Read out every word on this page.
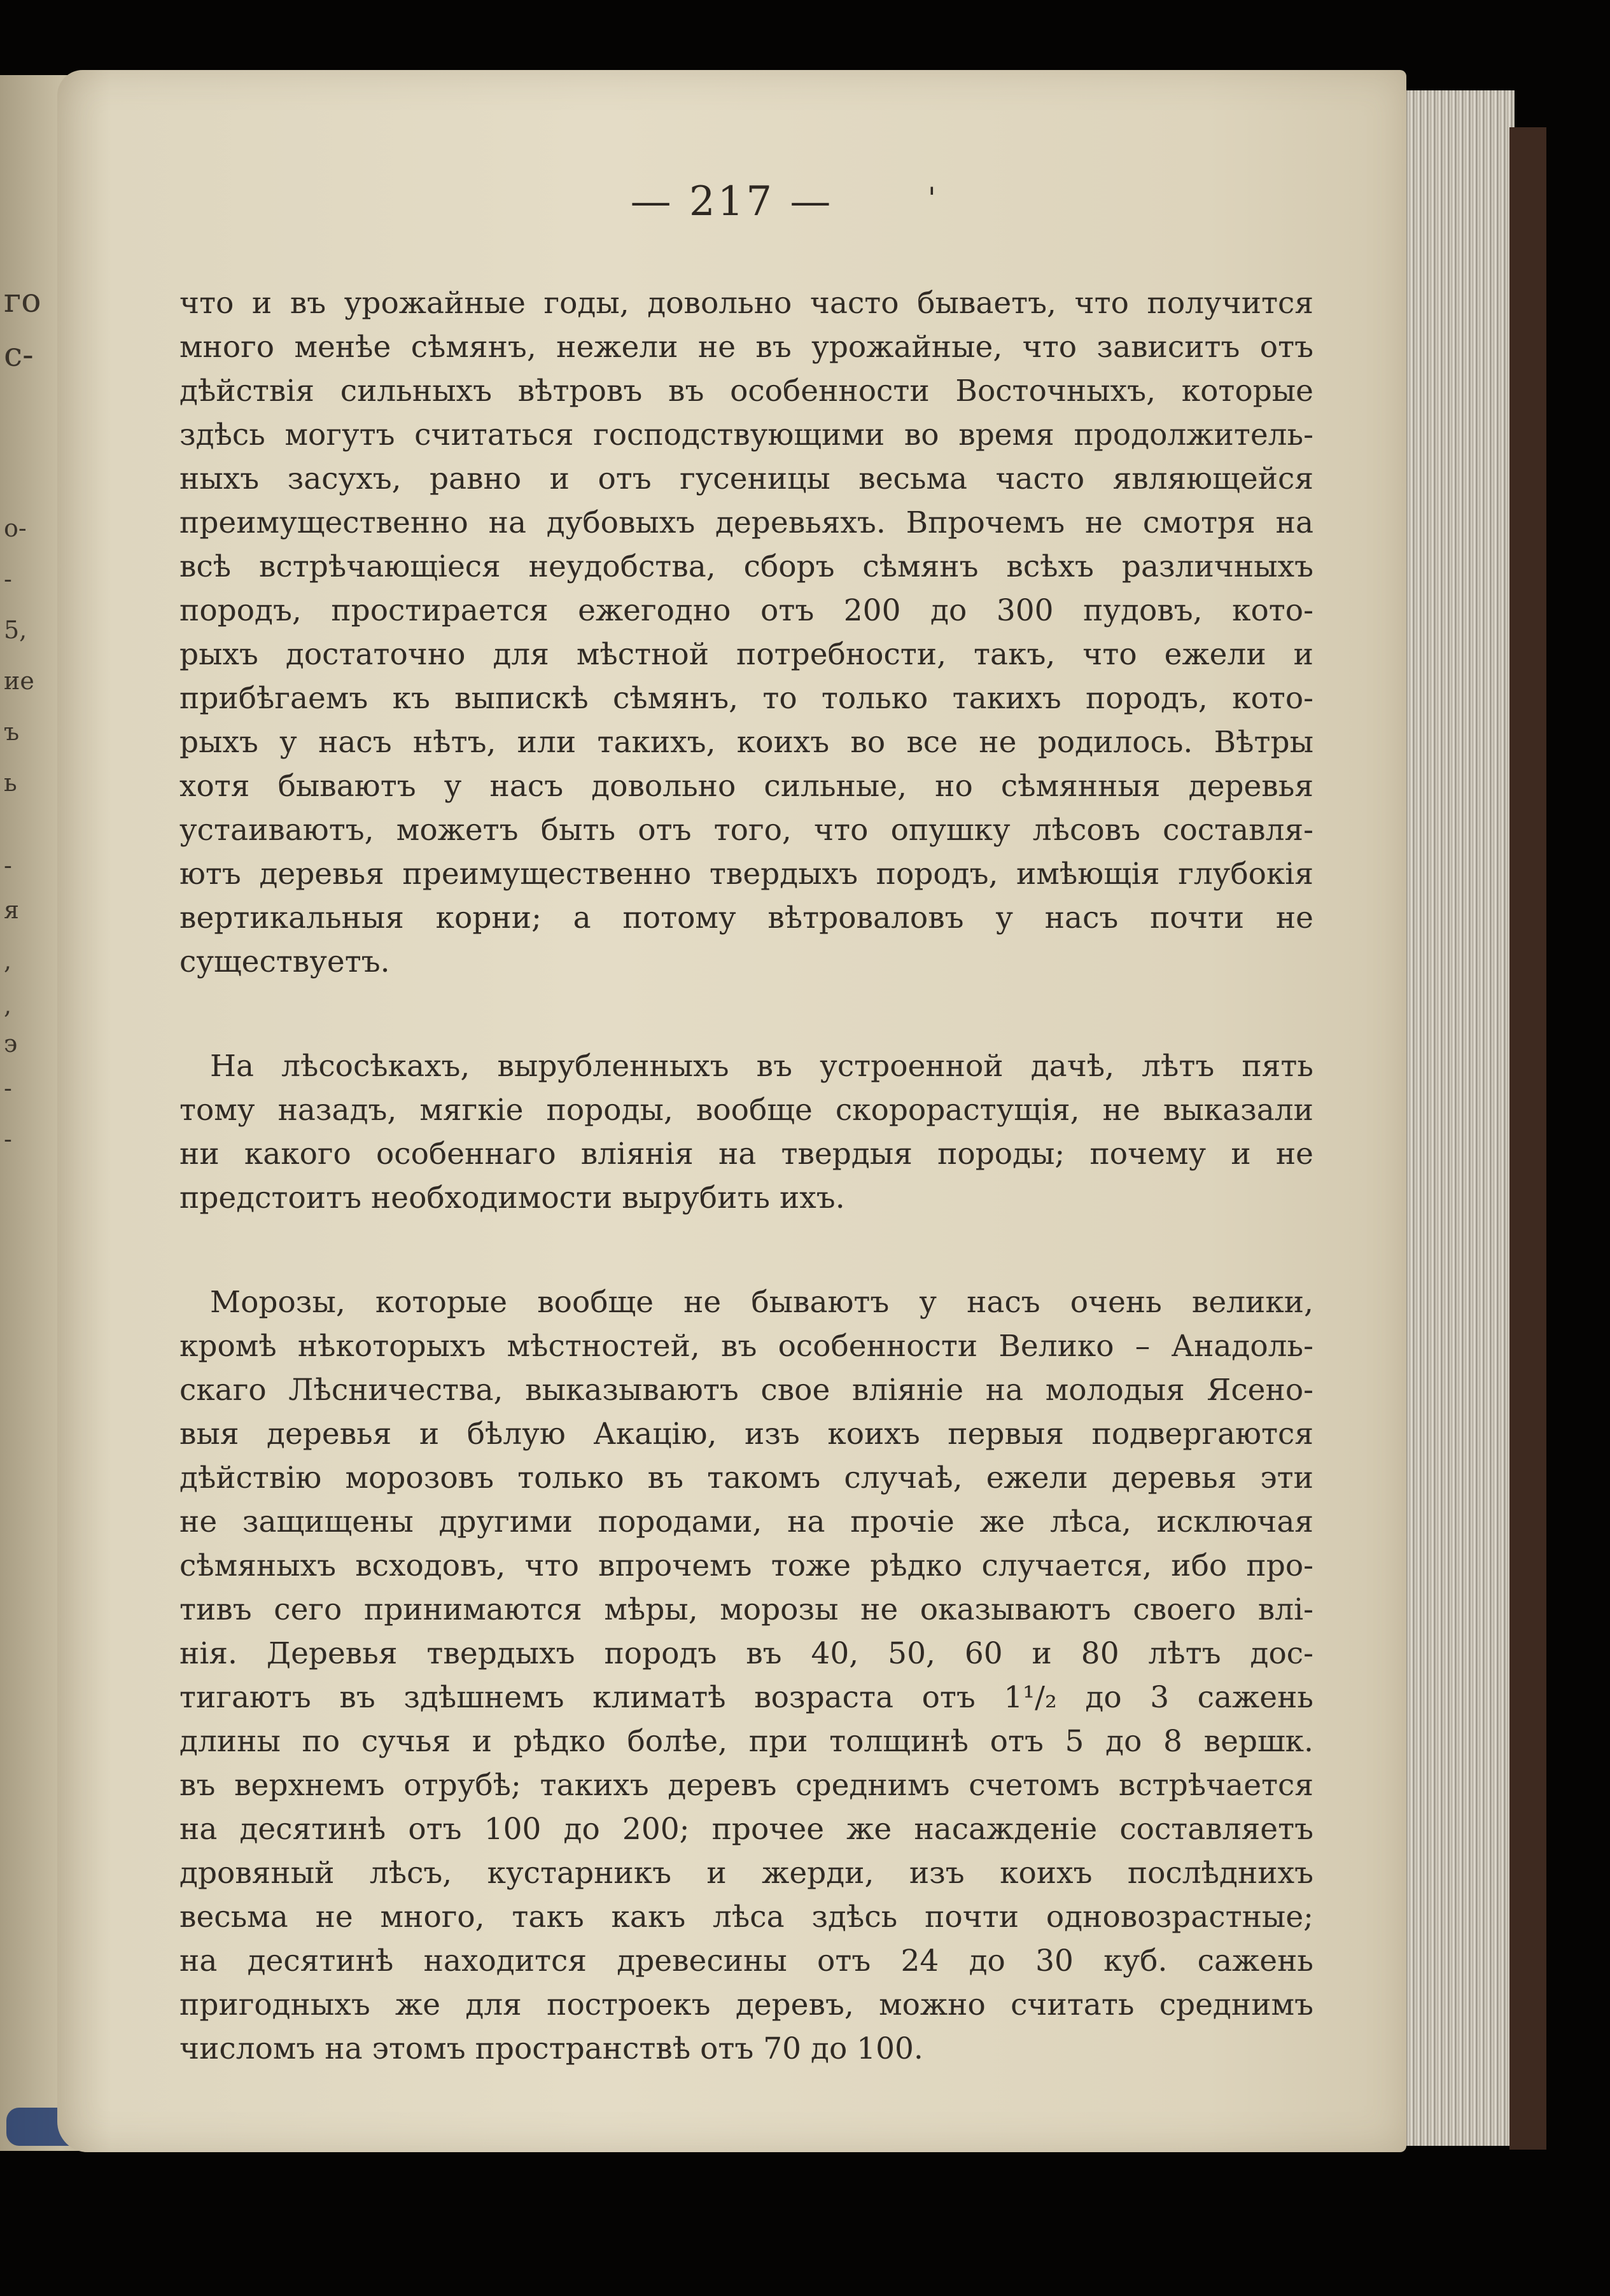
го
с-
о-
-
5,
ие
ъ
ь
-
я
,
,
э
-
-
— 217 —	'
что и въ урожайные годы, довольно часто бываетъ, что получится
много менѣе сѣмянъ, нежели не въ урожайные, что зависитъ отъ
дѣйствія сильныхъ вѣтровъ въ особенности Восточныхъ, которые
здѣсь могутъ считаться господствующими во время продолжитель-
ныхъ засухъ, равно и отъ гусеницы весьма часто являющейся
преимущественно на дубовыхъ деревьяхъ. Впрочемъ не смотря на
всѣ встрѣчающіеся неудобства, сборъ сѣмянъ всѣхъ различныхъ
породъ, простирается ежегодно отъ 200 до 300 пудовъ, кото-
рыхъ достаточно для мѣстной потребности, такъ, что ежели и
прибѣгаемъ къ выпискѣ сѣмянъ, то только такихъ породъ, кото-
рыхъ у насъ нѣтъ, или такихъ, коихъ во все не родилось. Вѣтры
хотя бываютъ у насъ довольно сильные, но сѣмянныя деревья
устаиваютъ, можетъ быть отъ того, что опушку лѣсовъ составля-
ютъ деревья преимущественно твердыхъ породъ, имѣющія глубокія
вертикальныя корни; а потому вѣтроваловъ у насъ почти не
существуетъ.
На лѣсосѣкахъ, вырубленныхъ въ устроенной дачѣ, лѣтъ пять
тому назадъ, мягкіе породы, вообще скорорастущія, не выказали
ни какого особеннаго вліянія на твердыя породы; почему и не
предстоитъ необходимости вырубить ихъ.
Морозы, которые вообще не бываютъ у насъ очень велики,
кромѣ нѣкоторыхъ мѣстностей, въ особенности Велико – Анадоль-
скаго Лѣсничества, выказываютъ свое вліяніе на молодыя Ясено-
выя деревья и бѣлую Акацію, изъ коихъ первыя подвергаются
дѣйствію морозовъ только въ такомъ случаѣ, ежели деревья эти
не защищены другими породами, на прочіе же лѣса, исключая
сѣмяныхъ всходовъ, что впрочемъ тоже рѣдко случается, ибо про-
тивъ сего принимаются мѣры, морозы не оказываютъ своего влі-
нія. Деревья твердыхъ породъ въ 40, 50, 60 и 80 лѣтъ дос-
тигаютъ въ здѣшнемъ климатѣ возраста отъ 1¹/₂ до 3 сажень
длины по сучья и рѣдко болѣе, при толщинѣ отъ 5 до 8 вершк.
въ верхнемъ отрубѣ; такихъ деревъ среднимъ счетомъ встрѣчается
на десятинѣ отъ 100 до 200; прочее же насажденіе составляетъ
дровяный лѣсъ, кустарникъ и жерди, изъ коихъ послѣднихъ
весьма не много, такъ какъ лѣса здѣсь почти одновозрастные;
на десятинѣ находится древесины отъ 24 до 30 куб. сажень
пригодныхъ же для построекъ деревъ, можно считать среднимъ
числомъ на этомъ пространствѣ отъ 70 до 100.
